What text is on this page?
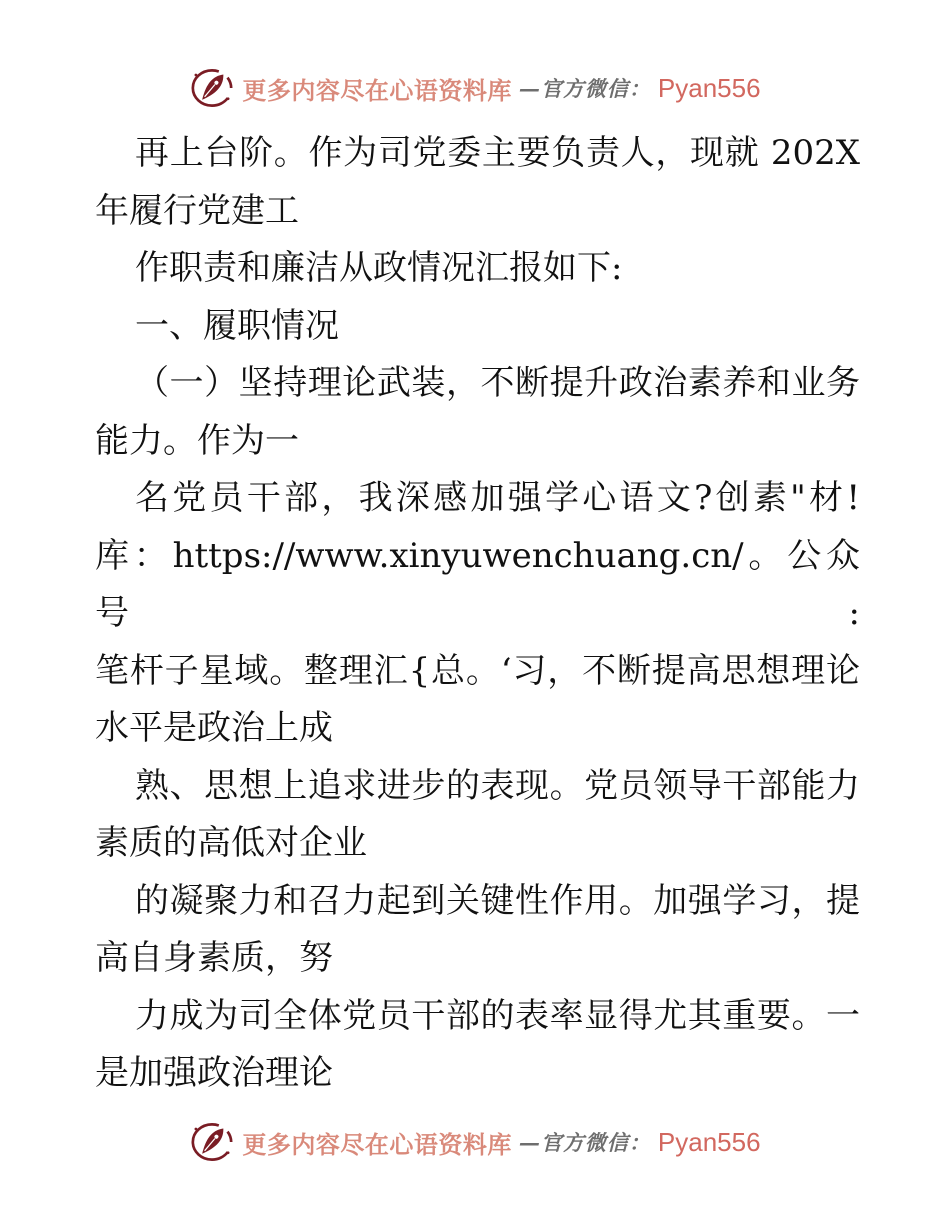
更多内容尽在心语资料库 —官方微信： Pyan556
再上台阶。作为司党委主要负责人，现就 202X
年履行党建工
作职责和廉洁从政情况汇报如下:
一、履职情况
（一）坚持理论武装，不断提升政治素养和业务
能力。作为一
名党员干部，我深感加强学心语文?创素"材!
库：https://www.xinyuwenchuang.cn/。公众号:
笔杆子星域。整理汇{总。‘习，不断提高思想理论
水平是政治上成
熟、思想上追求进步的表现。党员领导干部能力
素质的高低对企业
的凝聚力和召力起到关键性作用。加强学习，提
高自身素质，努
力成为司全体党员干部的表率显得尤其重要。一
是加强政治理论
更多内容尽在心语资料库 —官方微信： Pyan556
